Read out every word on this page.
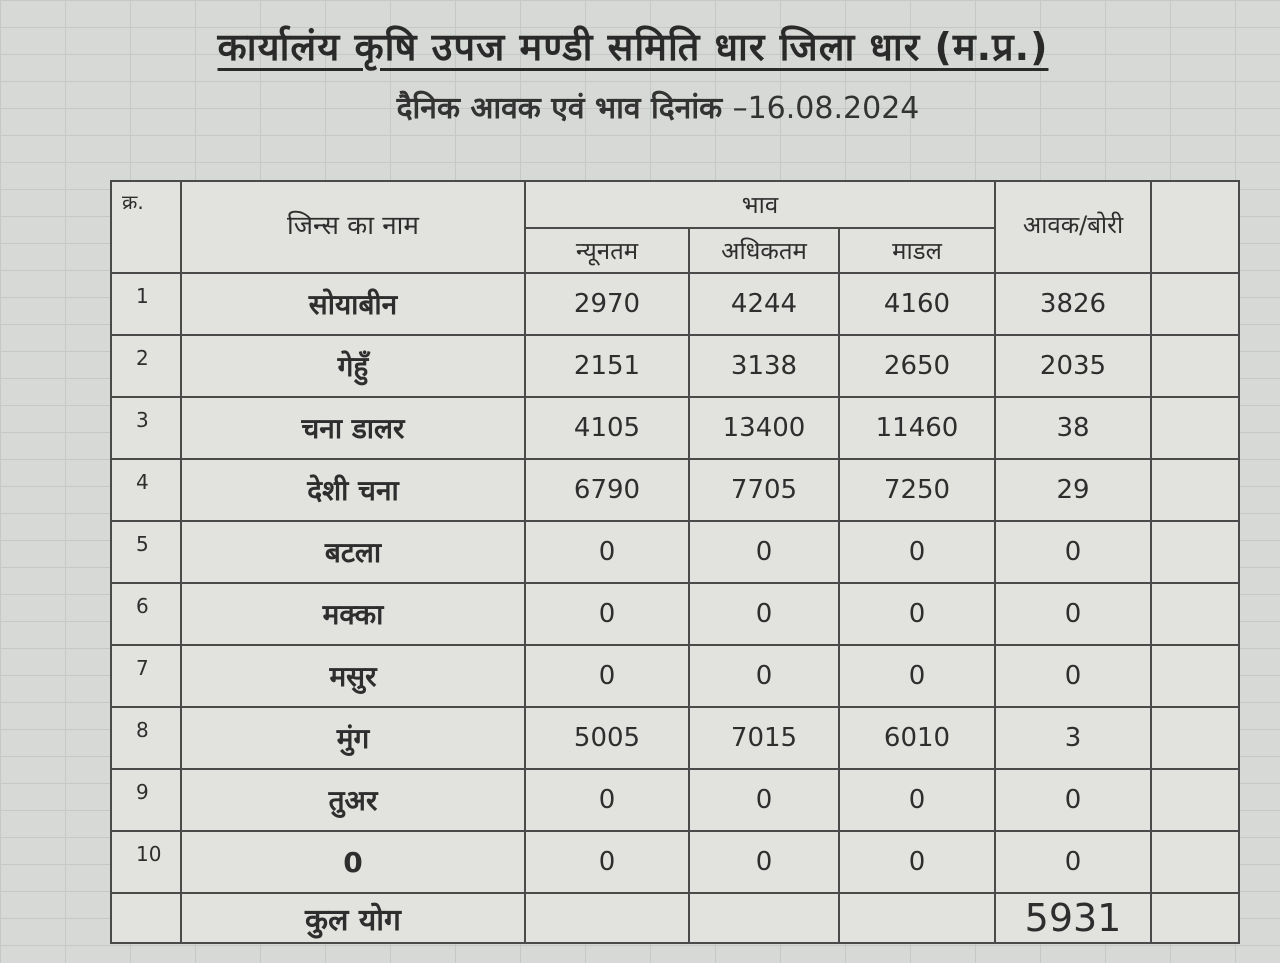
कार्यालंय कृषि उपज मण्डी समिति धार जिला धार (म.प्र.)
दैनिक आवक एवं भाव दिनांक –16.08.2024
क्र.	जिन्स का नाम	भाव			आवक/बोरी	
		न्यूनतम	अधिकतम	माडल		
1	सोयाबीन	2970	4244	4160	3826	
2	गेहुँ	2151	3138	2650	2035	
3	चना डालर	4105	13400	11460	38	
4	देशी चना	6790	7705	7250	29	
5	बटला	0	0	0	0	
6	मक्का	0	0	0	0	
7	मसुर	0	0	0	0	
8	मुंग	5005	7015	6010	3	
9	तुअर	0	0	0	0	
10	0	0	0	0	0	
	कुल योग				5931	
